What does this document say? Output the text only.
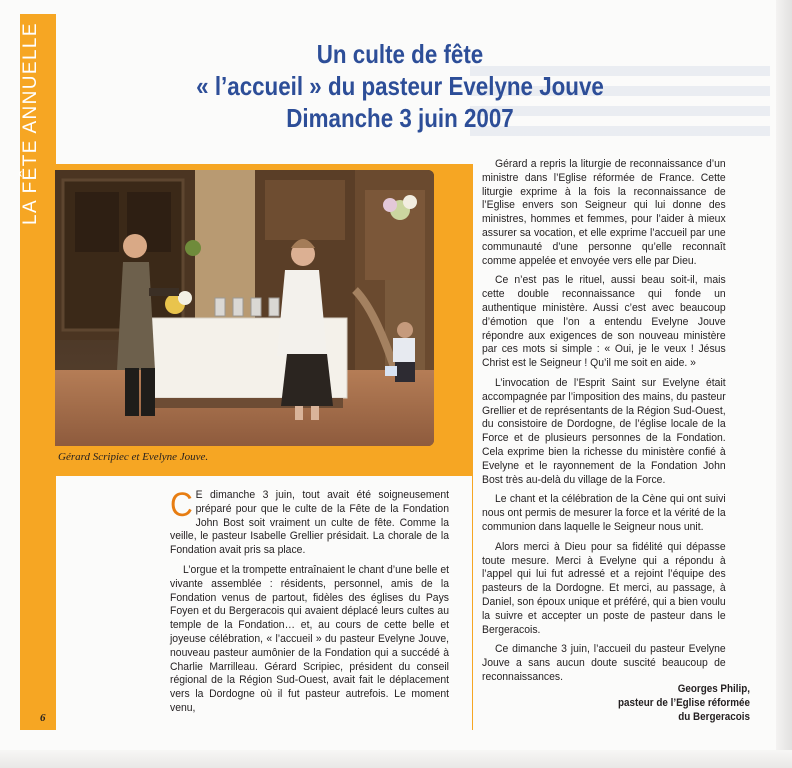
LA FÊTE ANNUELLE	Un culte de fête
« l’accueil » du pasteur Evelyne Jouve
Dimanche 3 juin 2007
Gérard Scripiec et Evelyne Jouve.

C E dimanche 3 juin, tout avait été soigneusement préparé pour que le culte de la Fête de la Fondation John Bost soit vraiment un culte de fête. Comme la veille, le pasteur Isabelle Grellier présidait. La chorale de la Fondation avait pris sa place.

L’orgue et la trompette entraînaient le chant d’une belle et vivante assemblée : résidents, personnel, amis de la Fondation venus de partout, fidèles des églises du Pays Foyen et du Bergeracois qui avaient déplacé leurs cultes au temple de la Fondation… et, au cours de cette belle et joyeuse célébration, « l’accueil » du pasteur Evelyne Jouve, nouveau pasteur aumônier de la Fondation qui a succédé à Charlie Marrilleau. Gérard Scripiec, président du conseil régional de la Région Sud-Ouest, avait fait le déplacement vers la Dordogne où il fut pasteur autrefois. Le moment venu,

Gérard a repris la liturgie de reconnaissance d’un ministre dans l’Eglise réformée de France. Cette liturgie exprime à la fois la reconnaissance de l’Eglise envers son Seigneur qui lui donne des ministres, hommes et femmes, pour l’aider à mieux assurer sa vocation, et elle exprime l’accueil par une communauté d’une personne qu’elle reconnaît comme appelée et envoyée vers elle par Dieu.

Ce n’est pas le rituel, aussi beau soit-il, mais cette double reconnaissance qui fonde un authentique ministère. Aussi c’est avec beaucoup d’émotion que l’on a entendu Evelyne Jouve répondre aux exigences de son nouveau ministère par ces mots si simple : « Oui, je le veux ! Jésus Christ est le Seigneur ! Qu’il me soit en aide. »

L’invocation de l’Esprit Saint sur Evelyne était accompagnée par l’imposition des mains, du pasteur Grellier et de représentants de la Région Sud-Ouest, du consistoire de Dordogne, de l’église locale de la Force et de plusieurs personnes de la Fondation. Cela exprime bien la richesse du ministère confié à Evelyne et le rayonnement de la Fondation John Bost très au-delà du village de la Force.

Le chant et la célébration de la Cène qui ont suivi nous ont permis de mesurer la force et la vérité de la communion dans laquelle le Seigneur nous unit.

Alors merci à Dieu pour sa fidélité qui dépasse toute mesure. Merci à Evelyne qui a répondu à l’appel qui lui fut adressé et a rejoint l’équipe des pasteurs de la Dordogne. Et merci, au passage, à Daniel, son époux unique et préféré, qui a bien voulu la suivre et accepter un poste de pasteur dans le Bergeracois.

Ce dimanche 3 juin, l’accueil du pasteur Evelyne Jouve a sans aucun doute suscité beaucoup de reconnaissances.

Georges Philip,
pasteur de l’Eglise réformée
du Bergeracois
6
